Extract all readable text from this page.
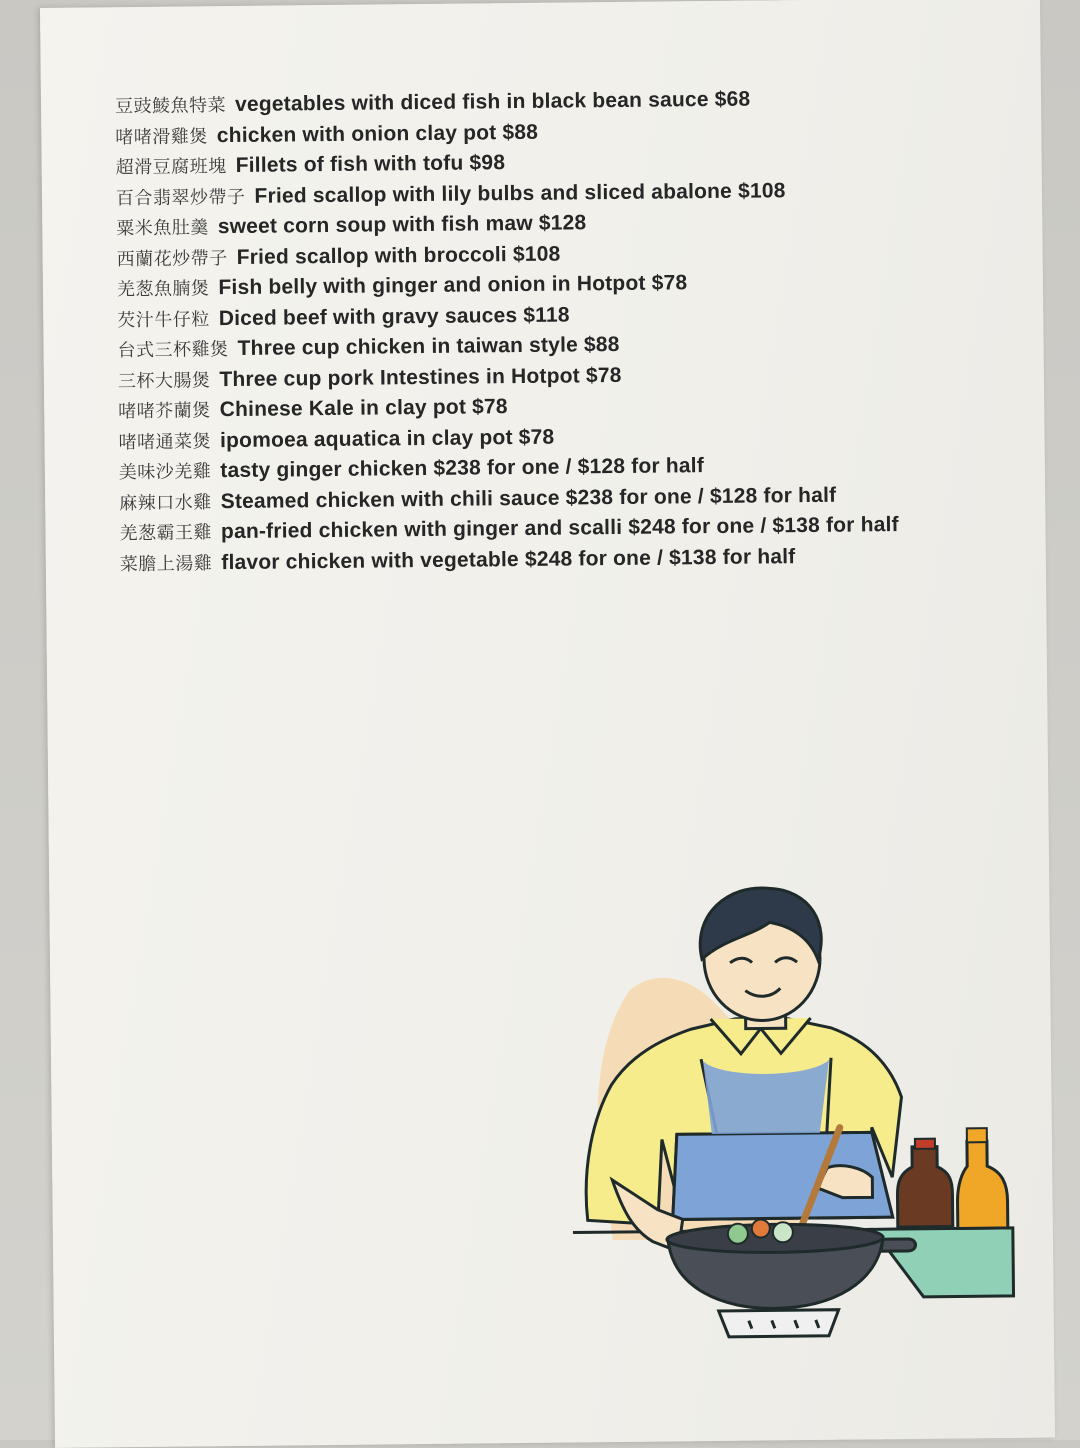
豆豉鯪魚特菜 vegetables with diced fish in black bean sauce $68
啫啫滑雞煲 chicken with onion clay pot $88
超滑豆腐班塊 Fillets of fish with tofu $98
百合翡翠炒帶子 Fried scallop with lily bulbs and sliced abalone $108
粟米魚肚羹 sweet corn soup with fish maw $128
西蘭花炒帶子 Fried scallop with broccoli $108
羌葱魚腩煲 Fish belly with ginger and onion in Hotpot $78
芡汁牛仔粒 Diced beef with gravy sauces $118
台式三杯雞煲 Three cup chicken in taiwan style $88
三杯大腸煲 Three cup pork Intestines in Hotpot $78
啫啫芥蘭煲 Chinese Kale in clay pot $78
啫啫通菜煲 ipomoea aquatica in clay pot $78
美味沙羌雞 tasty ginger chicken $238 for one / $128 for half
麻辣口水雞 Steamed chicken with chili sauce $238 for one / $128 for half
羌葱霸王雞 pan-fried chicken with ginger and scalli $248 for one / $138 for half
菜膽上湯雞 flavor chicken with vegetable $248 for one / $138 for half
